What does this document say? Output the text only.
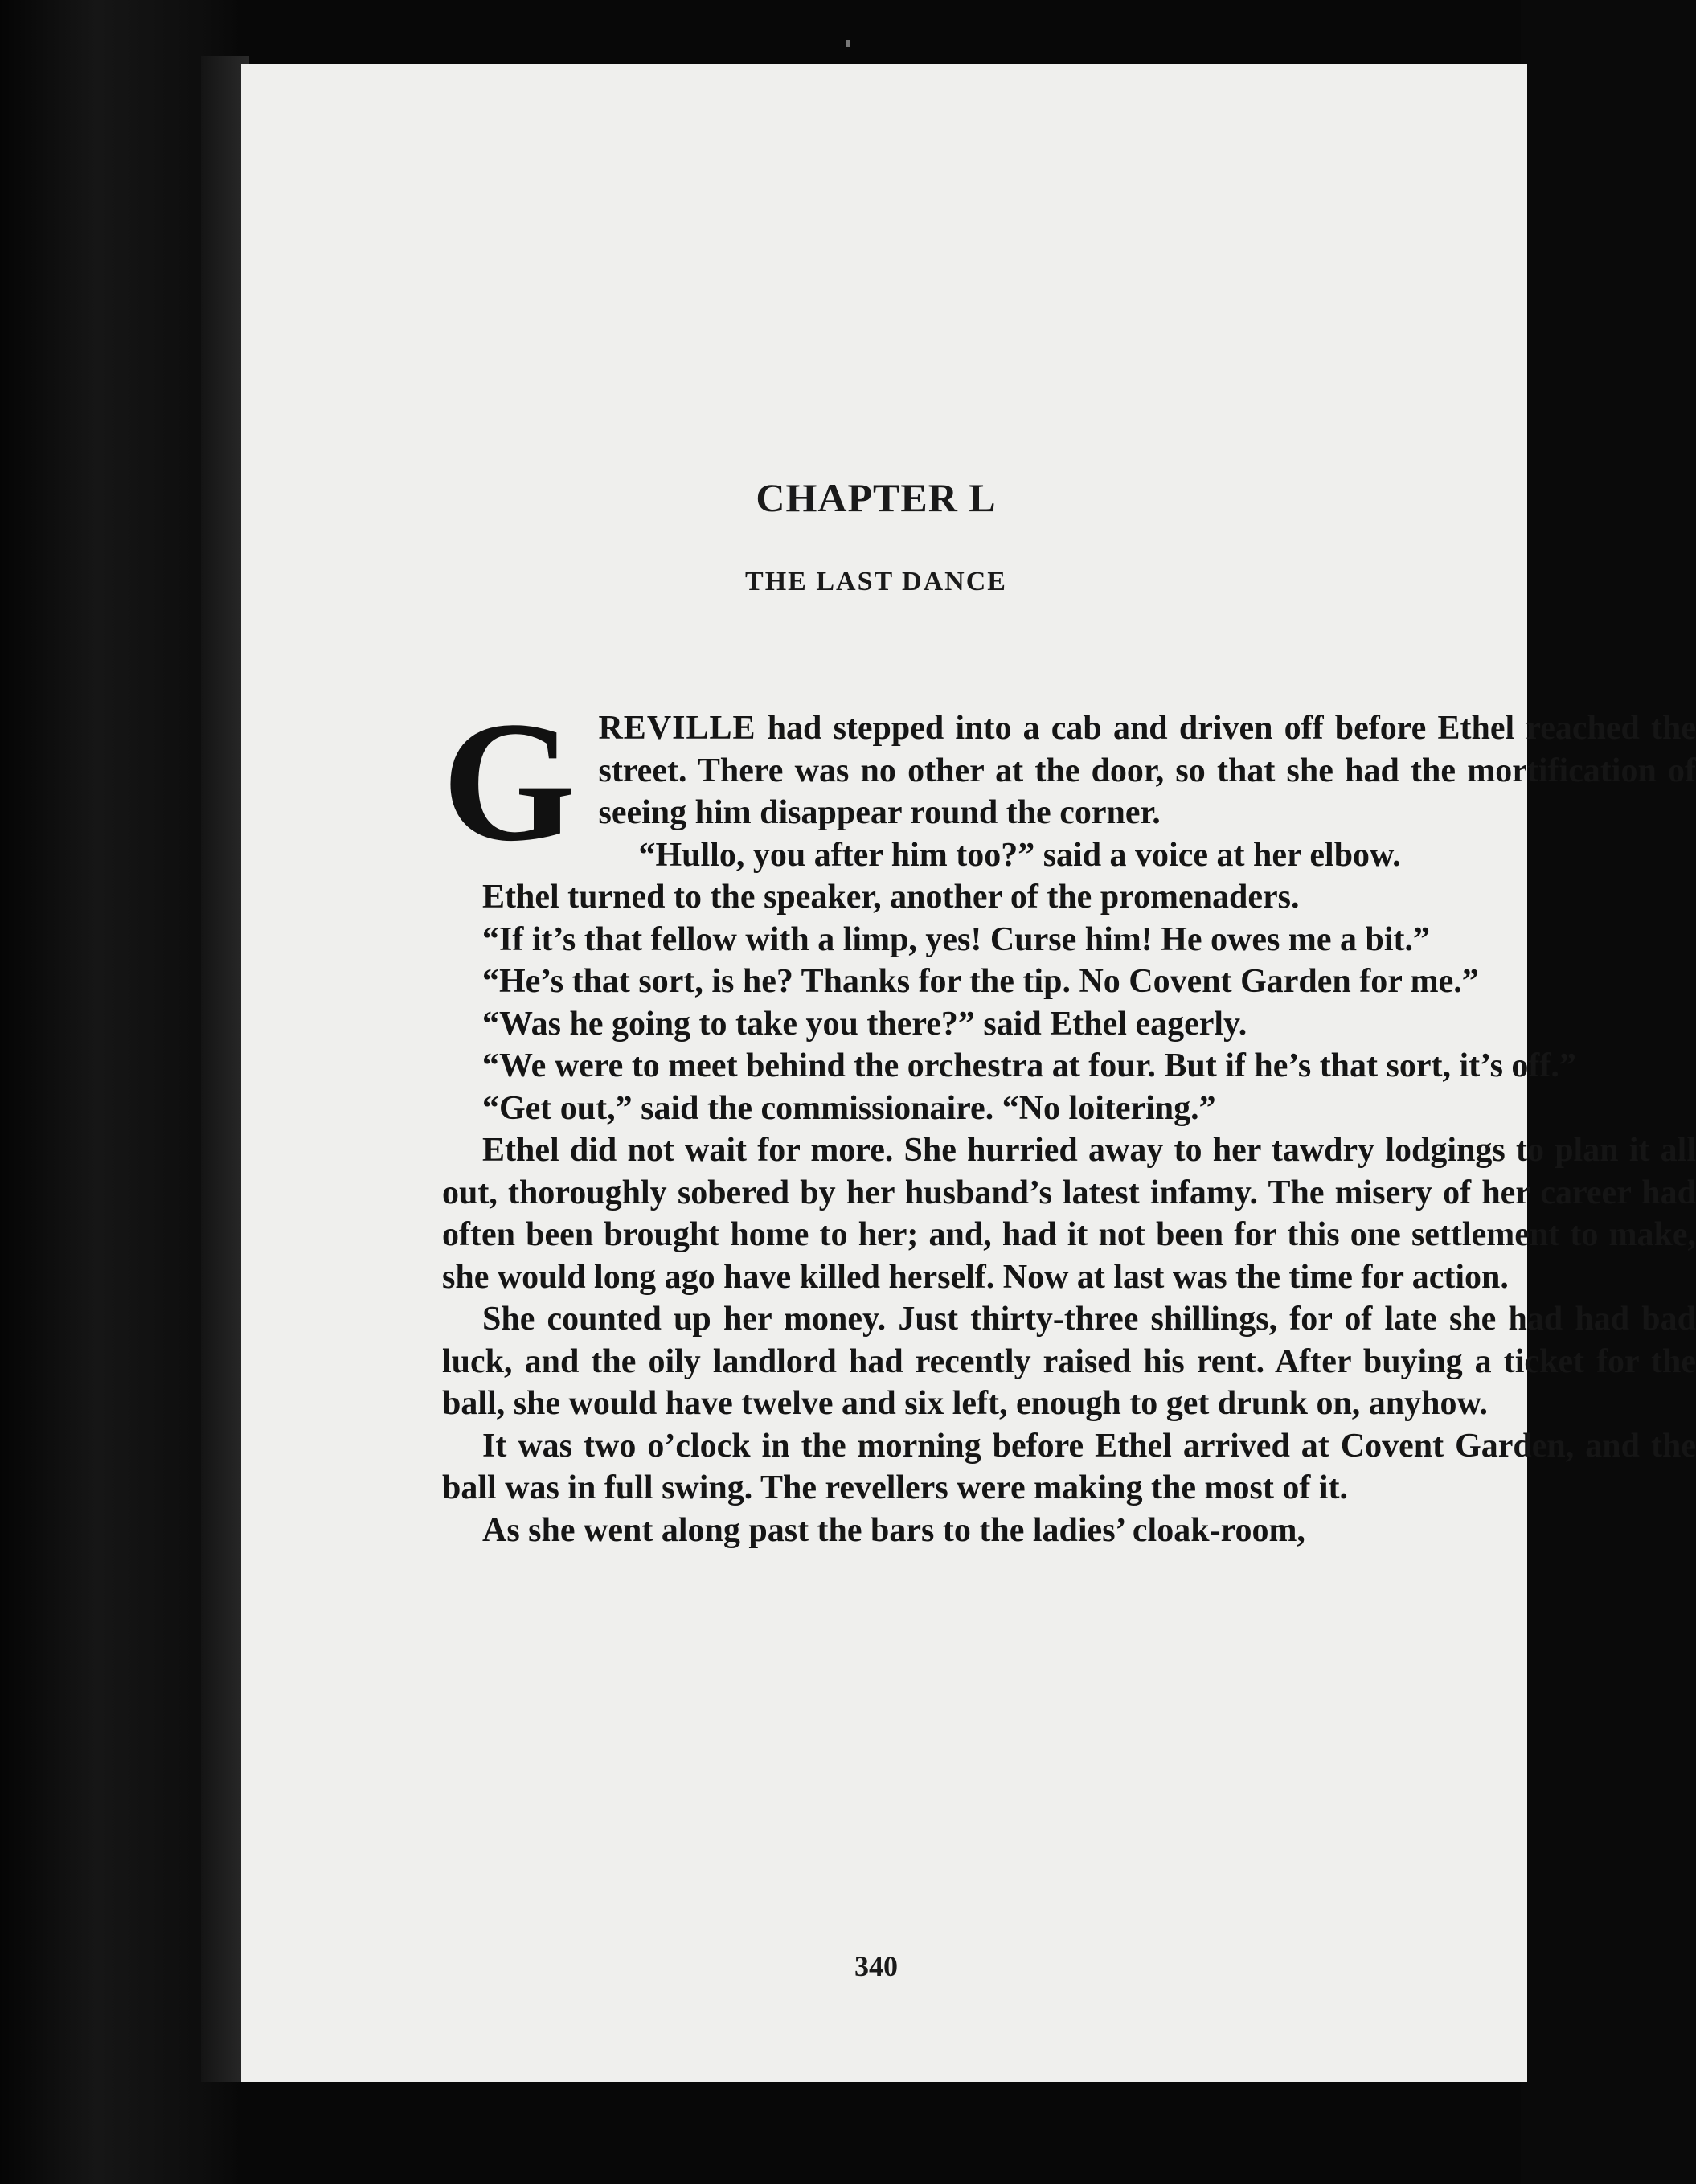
CHAPTER L
THE LAST DANCE

GREVILLE had stepped into a cab and driven off before Ethel reached the street. There was no other at the door, so that she had the mortification of seeing him disappear round the corner.

“Hullo, you after him too?” said a voice at her elbow.

Ethel turned to the speaker, another of the promenaders.

“If it’s that fellow with a limp, yes! Curse him! He owes me a bit.”

“He’s that sort, is he? Thanks for the tip. No Covent Garden for me.”

“Was he going to take you there?” said Ethel eagerly.

“We were to meet behind the orchestra at four. But if he’s that sort, it’s off.”

“Get out,” said the commissionaire. “No loitering.”

Ethel did not wait for more. She hurried away to her tawdry lodgings to plan it all out, thoroughly sobered by her husband’s latest infamy. The misery of her career had often been brought home to her; and, had it not been for this one settlement to make, she would long ago have killed herself. Now at last was the time for action.

She counted up her money. Just thirty-three shillings, for of late she had had bad luck, and the oily landlord had recently raised his rent. After buying a ticket for the ball, she would have twelve and six left, enough to get drunk on, anyhow.

It was two o’clock in the morning before Ethel arrived at Covent Garden, and the ball was in full swing. The revellers were making the most of it.

As she went along past the bars to the ladies’ cloak-room,

340
